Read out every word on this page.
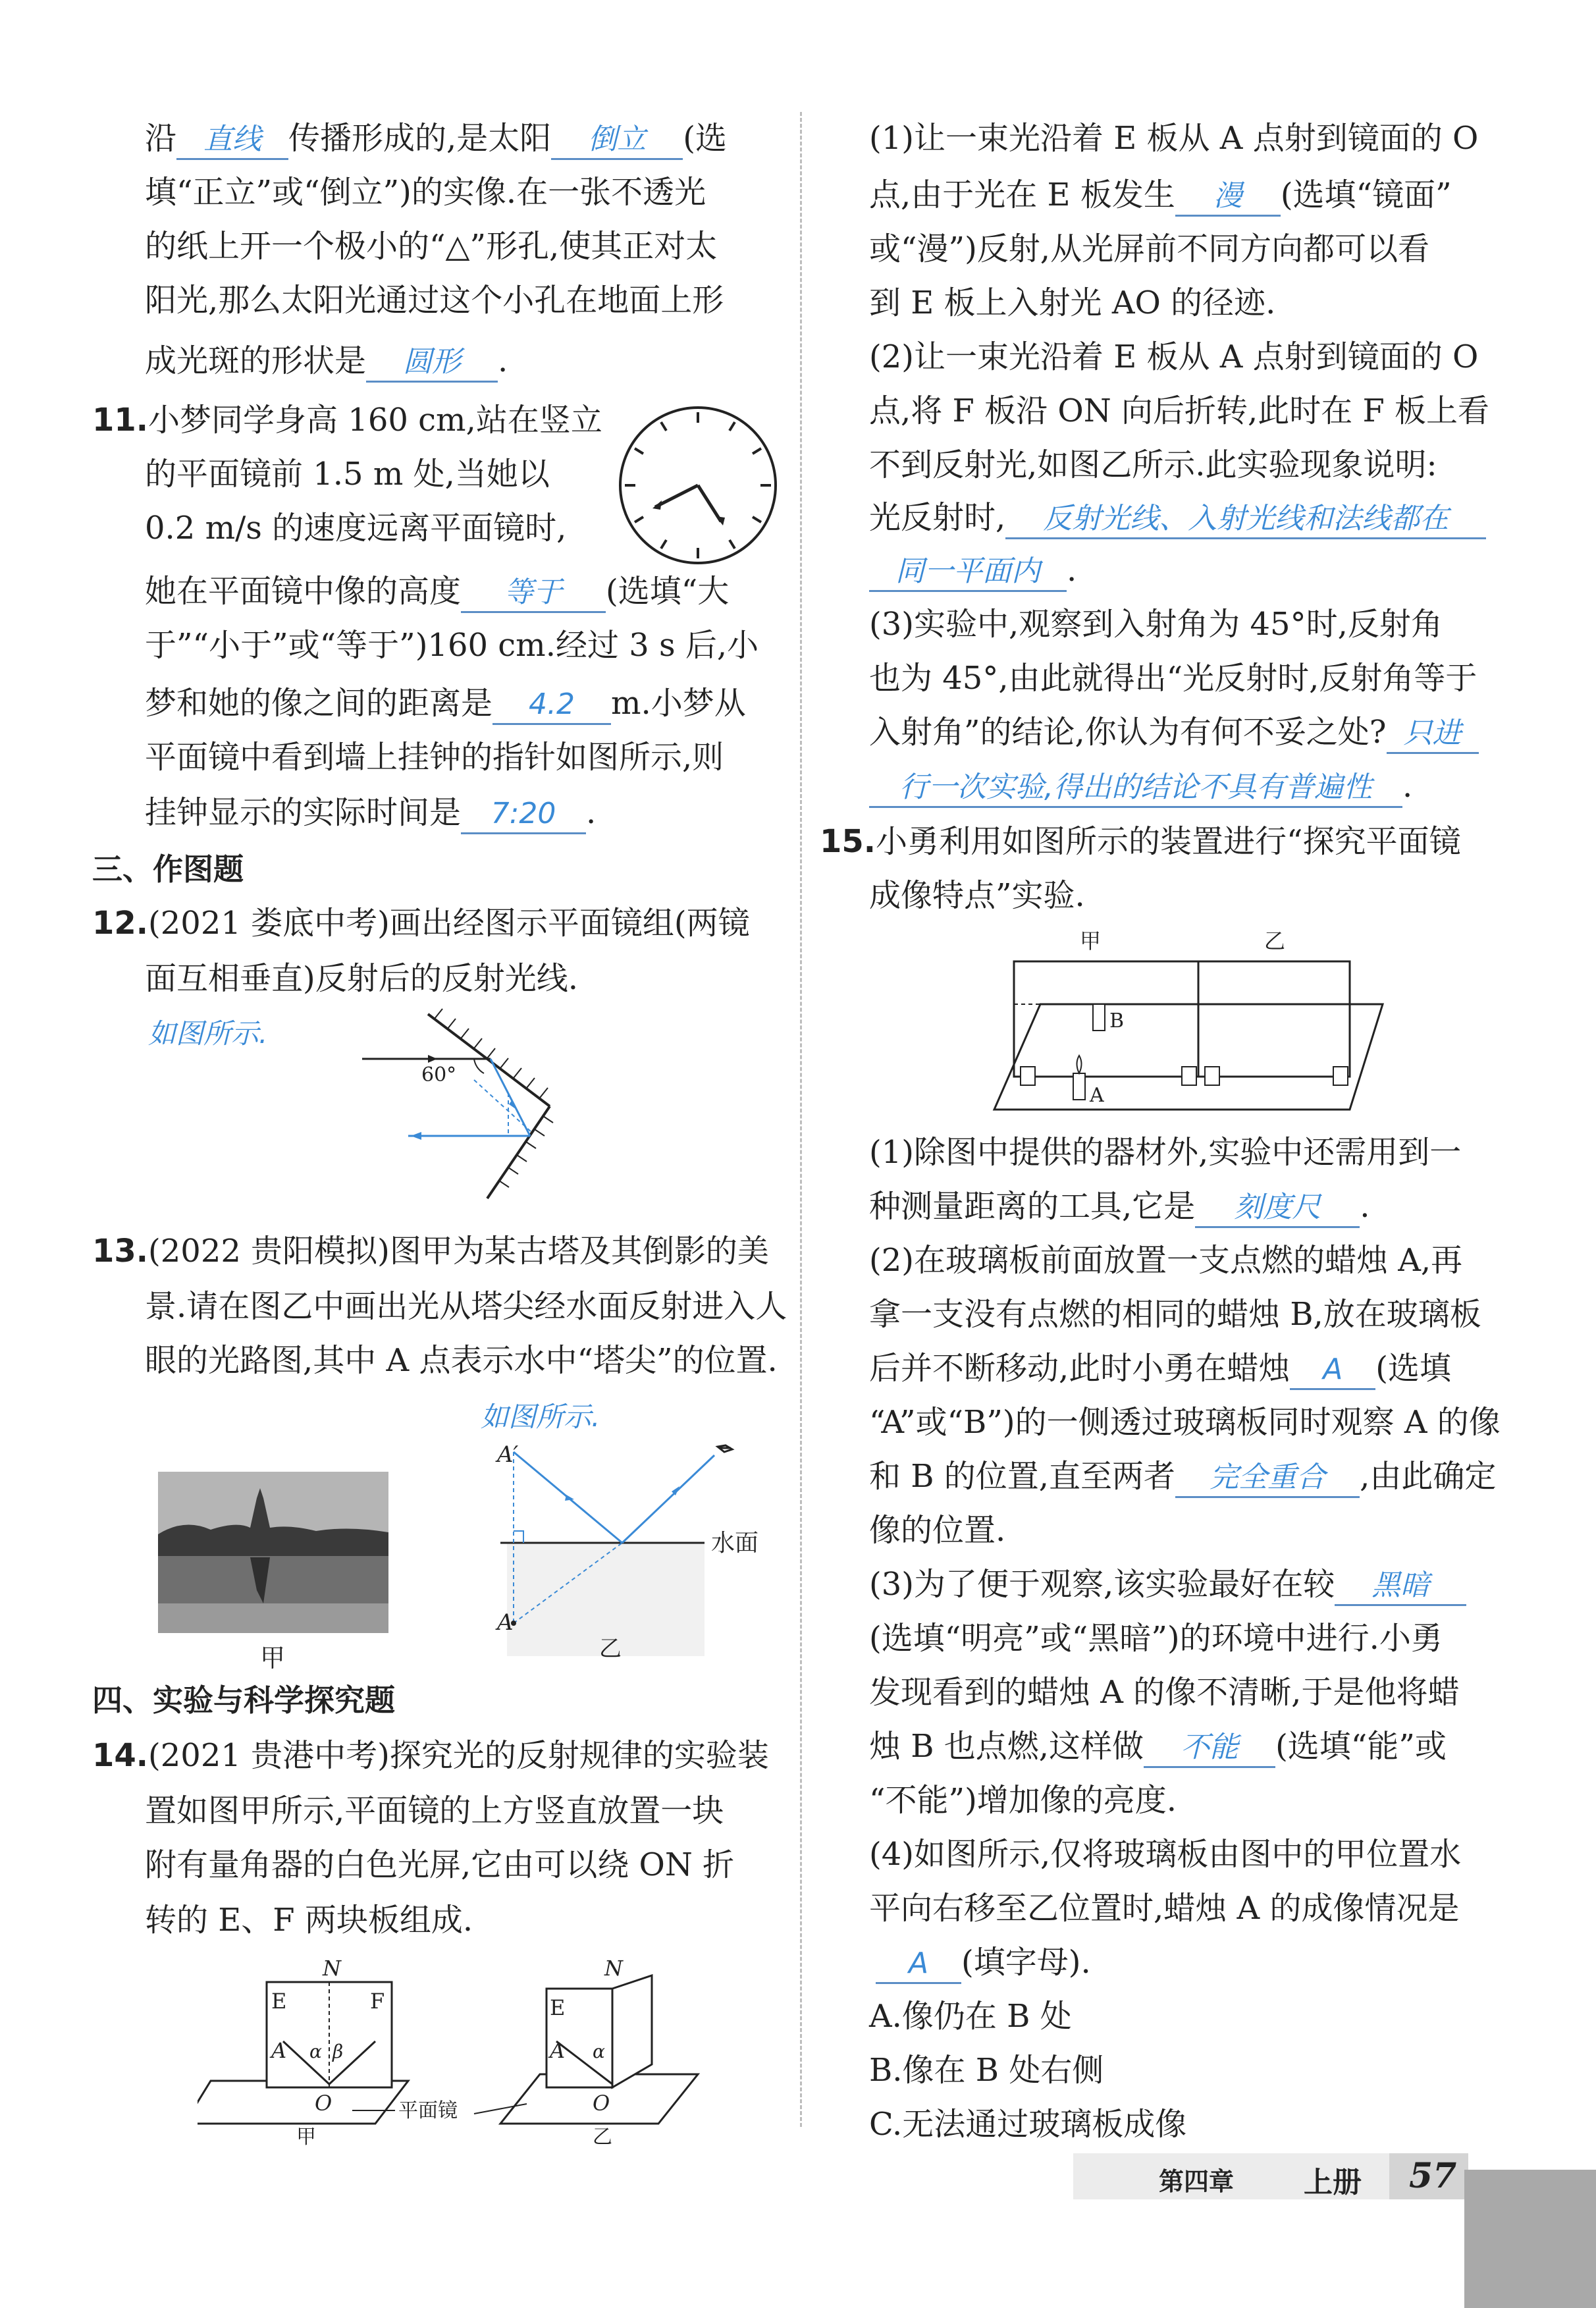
沿 直线 传播形成的,是太阳 倒立 (选
填“正立”或“倒立”)的实像.在一张不透光
的纸上开一个极小的“△”形孔,使其正对太
阳光,那么太阳光通过这个小孔在地面上形
成光斑的形状是 圆形 .
11.小梦同学身高 160 cm,站在竖立
的平面镜前 1.5 m 处,当她以
0.2 m/s 的速度远离平面镜时,
她在平面镜中像的高度 等于 (选填“大
于”“小于”或“等于”)160 cm.经过 3 s 后,小
梦和她的像之间的距离是 4.2 m.小梦从
平面镜中看到墙上挂钟的指针如图所示,则
挂钟显示的实际时间是 7:20 .
三、作图题
12.(2021 娄底中考)画出经图示平面镜组(两镜
面互相垂直)反射后的反射光线.
如图所示.
60°
13.(2022 贵阳模拟)图甲为某古塔及其倒影的美
景.请在图乙中画出光从塔尖经水面反射进入人
眼的光路图,其中 A 点表示水中“塔尖”的位置.
如图所示.
甲
水面
A′
A
乙
四、实验与科学探究题
14.(2021 贵港中考)探究光的反射规律的实验装
置如图甲所示,平面镜的上方竖直放置一块
附有量角器的白色光屏,它由可以绕 ON 折
转的 E、F 两块板组成.
N
E	F
A α β
O
甲
平面镜
N
E
A α
O
乙
(1)让一束光沿着 E 板从 A 点射到镜面的 O
点,由于光在 E 板发生 漫 (选填“镜面”
或“漫”)反射,从光屏前不同方向都可以看
到 E 板上入射光 AO 的径迹.
(2)让一束光沿着 E 板从 A 点射到镜面的 O
点,将 F 板沿 ON 向后折转,此时在 F 板上看
不到反射光,如图乙所示.此实验现象说明:
光反射时, 反射光线、入射光线和法线都在
同一平面内 .
(3)实验中,观察到入射角为 45°时,反射角
也为 45°,由此就得出“光反射时,反射角等于
入射角”的结论,你认为有何不妥之处? 只进
行一次实验,得出的结论不具有普遍性 .
15.小勇利用如图所示的装置进行“探究平面镜
成像特点”实验.
甲	乙
B
A
(1)除图中提供的器材外,实验中还需用到一
种测量距离的工具,它是 刻度尺 .
(2)在玻璃板前面放置一支点燃的蜡烛 A,再
拿一支没有点燃的相同的蜡烛 B,放在玻璃板
后并不断移动,此时小勇在蜡烛 A (选填
“A”或“B”)的一侧透过玻璃板同时观察 A 的像
和 B 的位置,直至两者 完全重合 ,由此确定
像的位置.
(3)为了便于观察,该实验最好在较 黑暗
(选填“明亮”或“黑暗”)的环境中进行.小勇
发现看到的蜡烛 A 的像不清晰,于是他将蜡
烛 B 也点燃,这样做 不能 (选填“能”或
“不能”)增加像的亮度.
(4)如图所示,仅将玻璃板由图中的甲位置水
平向右移至乙位置时,蜡烛 A 的成像情况是
A (填字母).
A.像仍在 B 处
B.像在 B 处右侧
C.无法通过玻璃板成像
第四章 上册 57
